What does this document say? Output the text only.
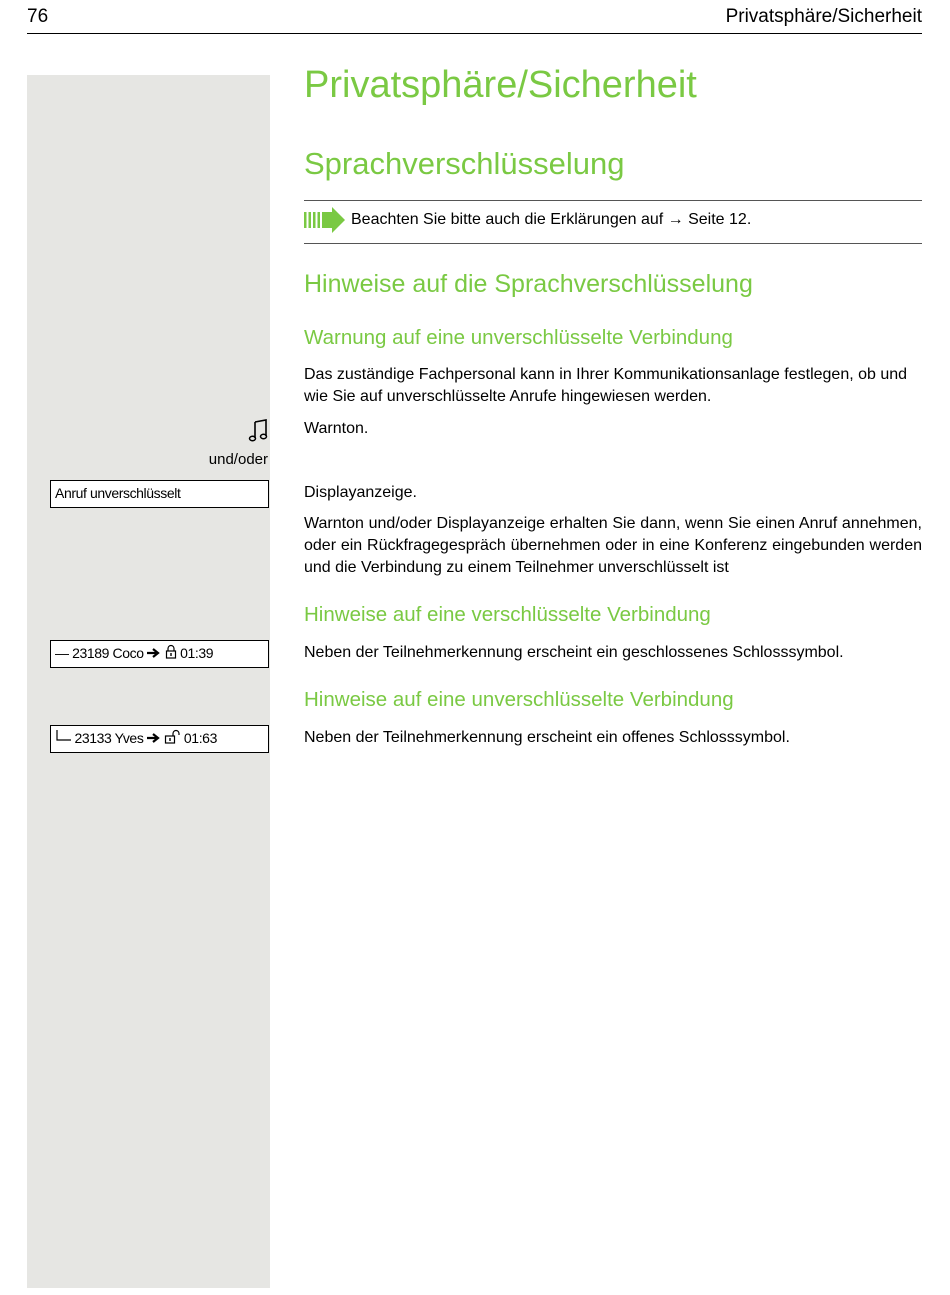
76	Privatsphäre/Sicherheit
und/oder
Anruf unverschlüsselt
— 23189 Coco	01:39
23133 Yves	01:63
Privatsphäre/Sicherheit
Sprachverschlüsselung
Beachten Sie bitte auch die Erklärungen auf → Seite 12.
Hinweise auf die Sprachverschlüsselung
Warnung auf eine unverschlüsselte Verbindung
Das zuständige Fachpersonal kann in Ihrer Kommunikationsanlage festlegen, ob und wie Sie auf unverschlüsselte Anrufe hingewiesen werden.
Warnton.
Displayanzeige.
Warnton und/oder Displayanzeige erhalten Sie dann, wenn Sie einen Anruf annehmen, oder ein Rückfragegespräch übernehmen oder in eine Konferenz eingebunden werden und die Verbindung zu einem Teilnehmer unverschlüsselt ist
Hinweise auf eine verschlüsselte Verbindung
Neben der Teilnehmerkennung erscheint ein geschlossenes Schlosssymbol.
Hinweise auf eine unverschlüsselte Verbindung
Neben der Teilnehmerkennung erscheint ein offenes Schlosssymbol.
